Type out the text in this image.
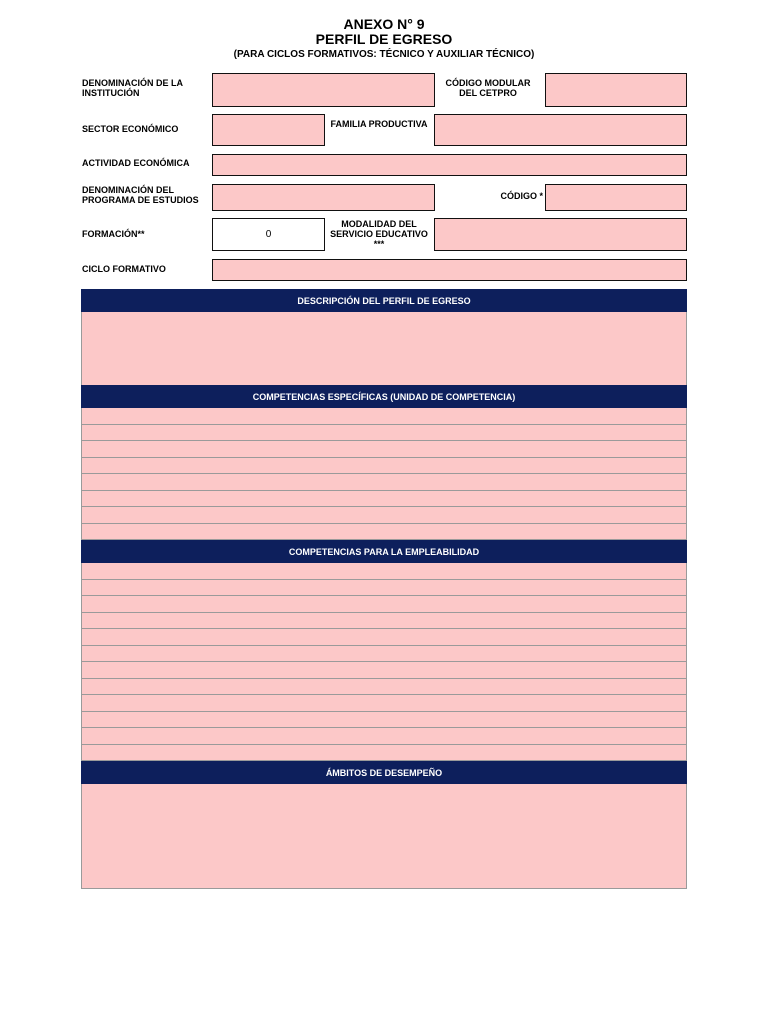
ANEXO N° 9
PERFIL DE EGRESO
(PARA CICLOS FORMATIVOS: TÉCNICO Y AUXILIAR TÉCNICO)
DENOMINACIÓN DE LA INSTITUCIÓN
CÓDIGO MODULAR DEL CETPRO
SECTOR ECONÓMICO	FAMILIA PRODUCTIVA
ACTIVIDAD ECONÓMICA
DENOMINACIÓN DEL PROGRAMA DE ESTUDIOS	CÓDIGO *
FORMACIÓN**	0
MODALIDAD DEL SERVICIO EDUCATIVO ***
CICLO FORMATIVO
DESCRIPCIÓN DEL PERFIL DE EGRESO
COMPETENCIAS ESPECÍFICAS (UNIDAD DE COMPETENCIA)
COMPETENCIAS PARA LA EMPLEABILIDAD
ÁMBITOS DE DESEMPEÑO
